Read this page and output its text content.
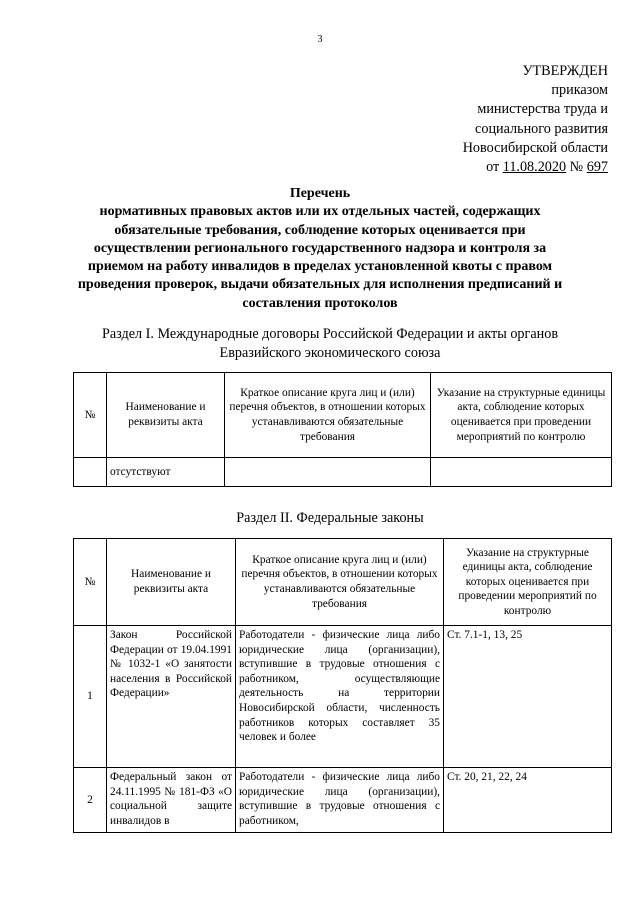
3
УТВЕРЖДЕН
приказом
министерства труда и
социального развития
Новосибирской области
от 11.08.2020 № 697
Перечень
нормативных правовых актов или их отдельных частей, содержащих обязательные требования, соблюдение которых оценивается при осуществлении регионального государственного надзора и контроля за приемом на работу инвалидов в пределах установленной квоты с правом проведения проверок, выдачи обязательных для исполнения предписаний и составления протоколов
Раздел I. Международные договоры Российской Федерации и акты органов Евразийского экономического союза
№	Наименование и реквизиты акта	Краткое описание круга лиц и (или) перечня объектов, в отношении которых устанавливаются обязательные требования	Указание на структурные единицы акта, соблюдение которых оценивается при проведении мероприятий по контролю
	отсутствуют		
Раздел II. Федеральные законы
№	Наименование и реквизиты акта	Краткое описание круга лиц и (или) перечня объектов, в отношении которых устанавливаются обязательные требования	Указание на структурные единицы акта, соблюдение которых оценивается при проведении мероприятий по контролю
1	Закон Российской Федерации от 19.04.1991 № 1032-1 «О занятости населения в Российской Федерации»	Работодатели - физические лица либо юридические лица (организации), вступившие в трудовые отношения с работником, осуществляющие деятельность на территории Новосибирской области, численность работников которых составляет 35 человек и более	Ст. 7.1-1, 13, 25
2	Федеральный закон от 24.11.1995 № 181-ФЗ «О социальной защите инвалидов в	Работодатели - физические лица либо юридические лица (организации), вступившие в трудовые отношения с работником,	Ст. 20, 21, 22, 24
